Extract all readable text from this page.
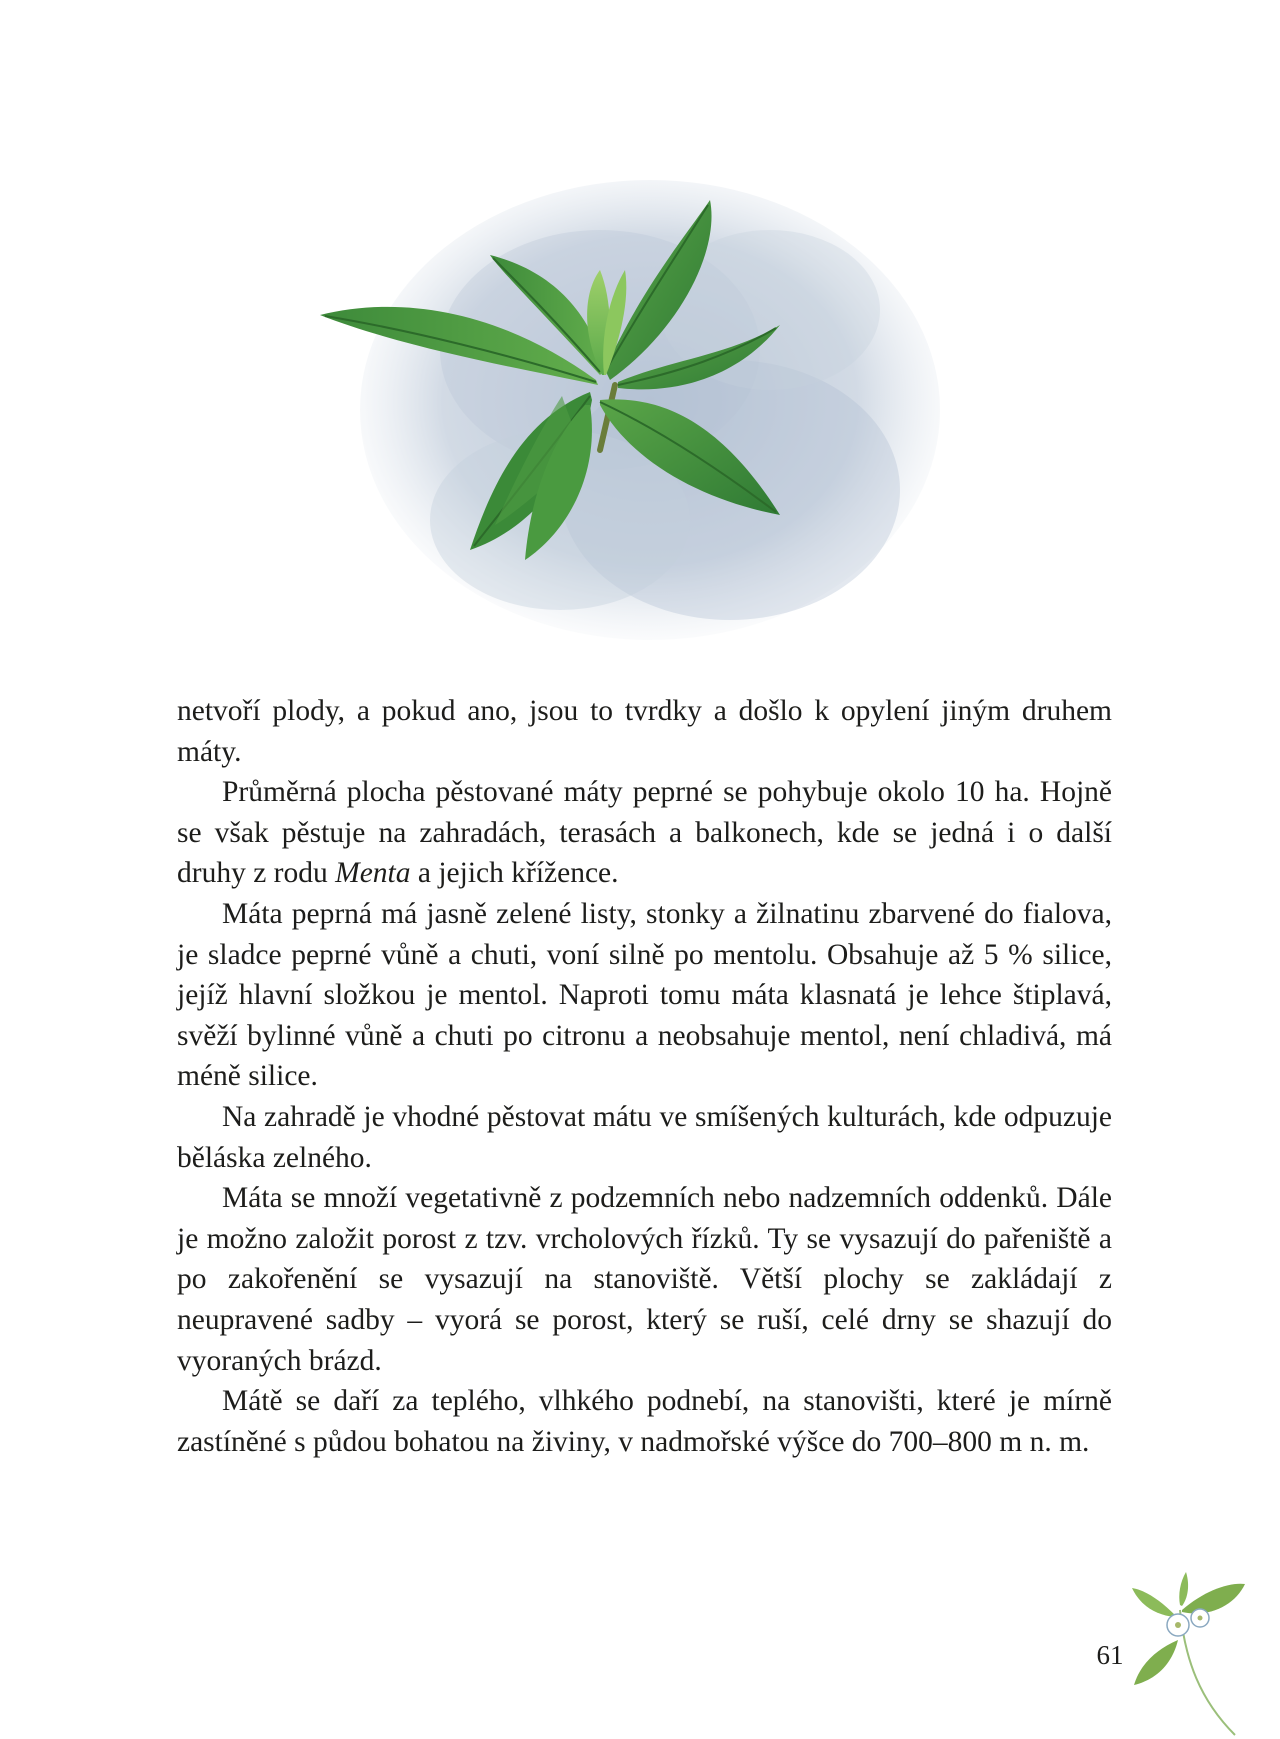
netvoří plody, a pokud ano, jsou to tvrdky a došlo k opylení jiným druhem máty.

Průměrná plocha pěstované máty peprné se pohybuje okolo 10 ha. Hojně se však pěstuje na zahradách, terasách a balkonech, kde se jedná i o další druhy z rodu Menta a jejich křížence.

Máta peprná má jasně zelené listy, stonky a žilnatinu zbarvené do fialova, je sladce peprné vůně a chuti, voní silně po mentolu. Obsahuje až 5 % silice, jejíž hlavní složkou je mentol. Naproti tomu máta klasnatá je lehce štiplavá, svěží bylinné vůně a chuti po citronu a neobsahuje mentol, není chladivá, má méně silice.

Na zahradě je vhodné pěstovat mátu ve smíšených kulturách, kde odpuzuje běláska zelného.

Máta se množí vegetativně z podzemních nebo nadzemních oddenků. Dále je možno založit porost z tzv. vrcholových řízků. Ty se vysazují do pařeniště a po zakořenění se vysazují na stanoviště. Větší plochy se zakládají z neupravené sadby – vyorá se porost, který se ruší, celé drny se shazují do vyoraných brázd.

Mátě se daří za teplého, vlhkého podnebí, na stanovišti, které je mírně zastíněné s půdou bohatou na živiny, v nadmořské výšce do 700–800 m n. m.

61
